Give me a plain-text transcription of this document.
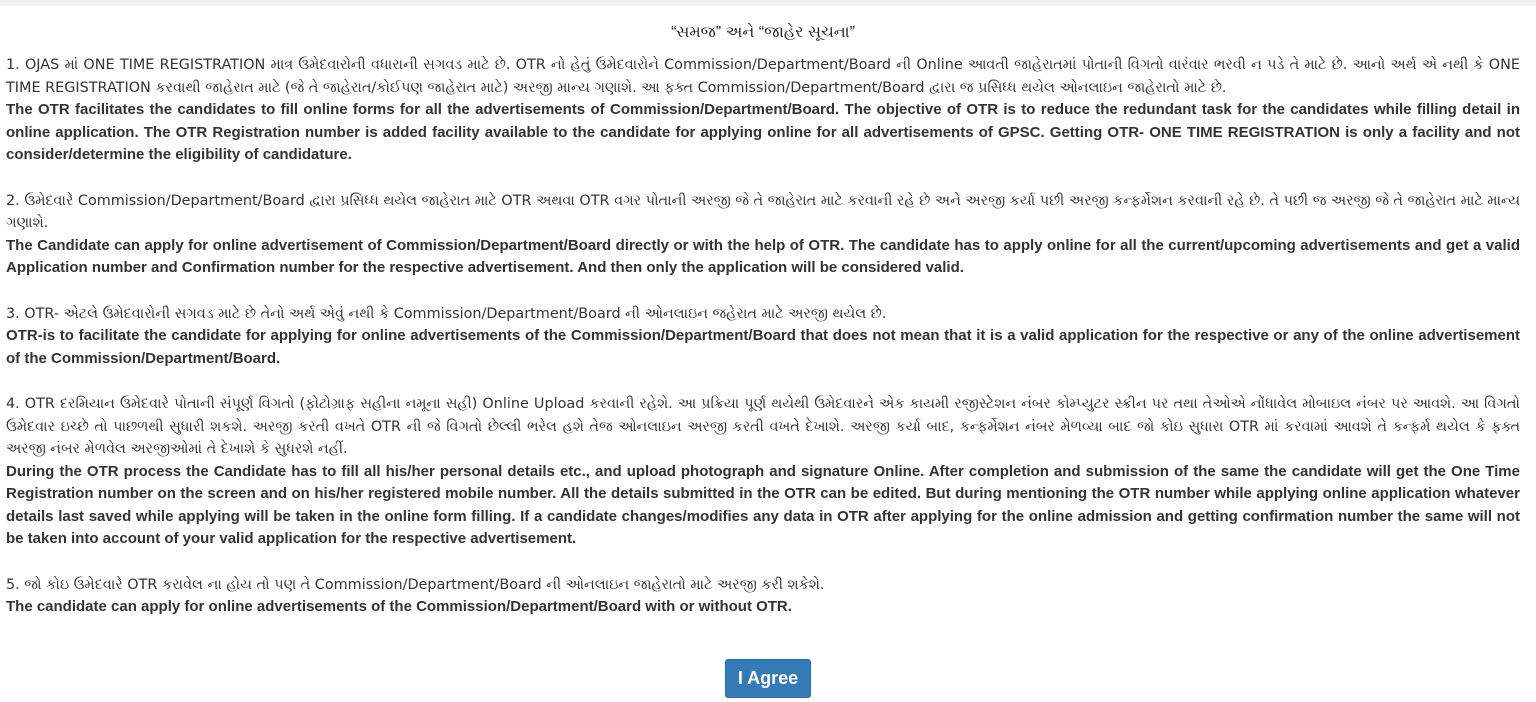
“સમજ” અને “જાહેર સૂચના”
1. OJAS માં ONE TIME REGISTRATION માત્ર ઉમેદવારોની વધારાની સગવડ માટે છે. OTR નો હેતું ઉમેદવારોને Commission/Department/Board ની Online આવતી જાહેરાતમાં પોતાની વિગતો વારંવાર ભરવી ન પડે તે માટે છે. આનો અર્થ એ નથી કે ONE TIME REGISTRATION કરવાથી જાહેરાત માટે (જે તે જાહેરાત/કોઈપણ જાહેરાત માટે) અરજી માન્ય ગણાશે. આ ફક્ત Commission/Department/Board દ્વારા જ પ્રસિધ્ધ થયેલ ઓનલાઇન જાહેરાતો માટે છે.
The OTR facilitates the candidates to fill online forms for all the advertisements of Commission/Department/Board. The objective of OTR is to reduce the redundant task for the candidates while filling detail in online application. The OTR Registration number is added facility available to the candidate for applying online for all advertisements of GPSC. Getting OTR- ONE TIME REGISTRATION is only a facility and not consider/determine the eligibility of candidature.
2. ઉમેદવારે Commission/Department/Board દ્વારા પ્રસિધ્ધ થયેલ જાહેરાત માટે OTR અથવા OTR વગર પોતાની અરજી જે તે જાહેરાત માટે કરવાની રહે છે અને અરજી કર્યા પછી અરજી કન્ફર્મેશન કરવાની રહે છે. તે પછી જ અરજી જે તે જાહેરાત માટે માન્ય ગણાશે.
The Candidate can apply for online advertisement of Commission/Department/Board directly or with the help of OTR. The candidate has to apply online for all the current/upcoming advertisements and get a valid Application number and Confirmation number for the respective advertisement. And then only the application will be considered valid.
3. OTR- એટલે ઉમેદવારોની સગવડ માટે છે તેનો અર્થ એવું નથી કે Commission/Department/Board ની ઓનલાઇન જહેરાત માટે અરજી થયેલ છે.
OTR-is to facilitate the candidate for applying for online advertisements of the Commission/Department/Board that does not mean that it is a valid application for the respective or any of the online advertisement of the Commission/Department/Board.
4. OTR દરમિયાન ઉમેદવારે પોતાની સંપૂર્ણ વિગતો (ફોટોગ્રાફ સહીના નમૂના સહી) Online Upload કરવાની રહેશે. આ પ્રક્રિયા પૂર્ણ થયેથી ઉમેદવારને એક કાયમી રજીસ્ટેશન નંબર કોમ્પ્યુટર સ્ક્રીન પર તથા તેઓએ નોંધાવેલ મોબાઇલ નંબર પર આવશે. આ વિગતો ઉમેદવાર ઇચ્છે તો પાછળથી સુધારી શકશે. અરજી કરતી વખતે OTR ની જે વિગતો છેલ્લી ભરેલ હશે તેજ ઓનલાઇન અરજી કરતી વખતે દેખાશે. અરજી કર્યા બાદ, કન્ફર્મેશન નંબર મેળવ્યા બાદ જો કોઇ સુધારા OTR માં કરવામાં આવશે તે કન્ફર્મ થયેલ કે ફક્ત અરજી નંબર મેળવેલ અરજીઓમાં તે દેખાશે કે સુધરશે નહીં.
During the OTR process the Candidate has to fill all his/her personal details etc., and upload photograph and signature Online. After completion and submission of the same the candidate will get the One Time Registration number on the screen and on his/her registered mobile number. All the details submitted in the OTR can be edited. But during mentioning the OTR number while applying online application whatever details last saved while applying will be taken in the online form filling. If a candidate changes/modifies any data in OTR after applying for the online admission and getting confirmation number the same will not be taken into account of your valid application for the respective advertisement.
5. જો કોઇ ઉમેદવારે OTR કરાવેલ ના હોય તો પણ તે Commission/Department/Board ની ઓનલાઇન જાહેરાતો માટે અરજી કરી શકેશે.
The candidate can apply for online advertisements of the Commission/Department/Board with or without OTR.
I Agree
